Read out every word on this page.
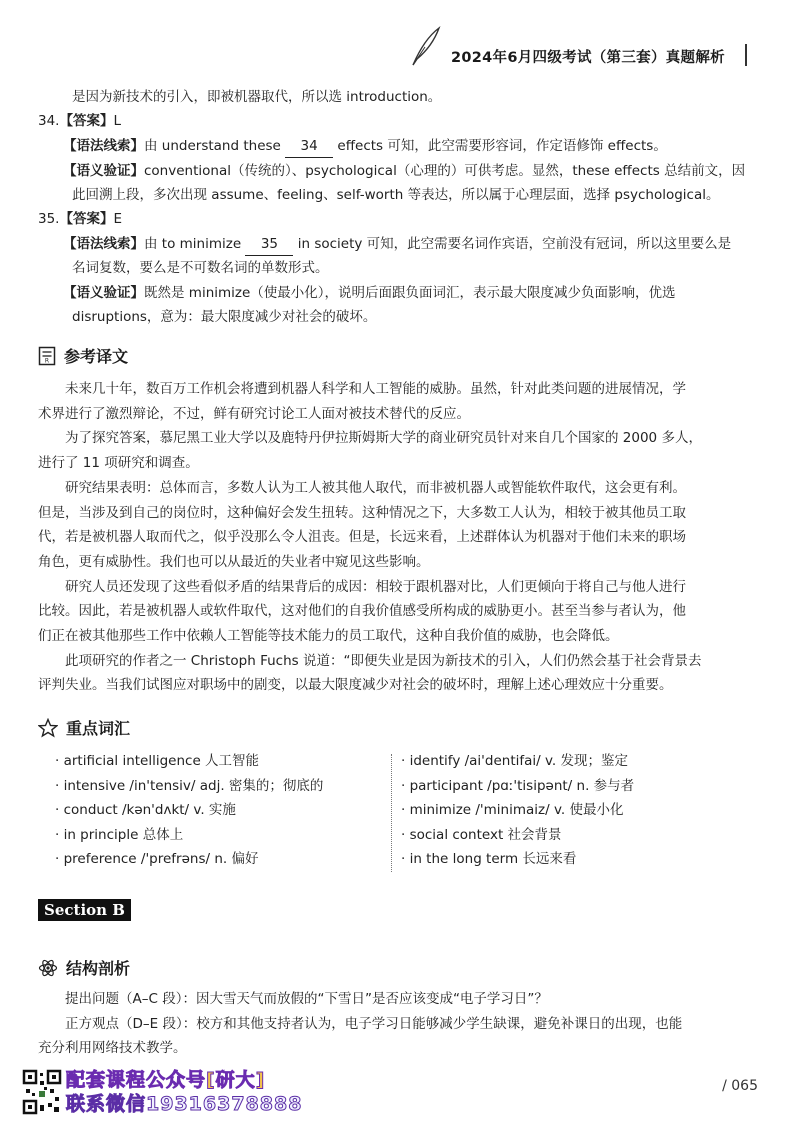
2024年6月四级考试（第三套）真题解析
是因为新技术的引入，即被机器取代，所以选 introduction。
34.【答案】L
【语法线索】由 understand these 34 effects 可知，此空需要形容词，作定语修饰 effects。
【语义验证】conventional（传统的）、psychological（心理的）可供考虑。显然，these effects 总结前文，因
此回溯上段，多次出现 assume、feeling、self-worth 等表达，所以属于心理层面，选择 psychological。
35.【答案】E
【语法线索】由 to minimize 35 in society 可知，此空需要名词作宾语，空前没有冠词，所以这里要么是
名词复数，要么是不可数名词的单数形式。
【语义验证】既然是 minimize（使最小化），说明后面跟负面词汇，表示最大限度减少负面影响，优选
disruptions，意为：最大限度减少对社会的破坏。
R 参考译文
　　未来几十年，数百万工作机会将遭到机器人科学和人工智能的威胁。虽然，针对此类问题的进展情况，学
术界进行了激烈辩论，不过，鲜有研究讨论工人面对被技术替代的反应。
　　为了探究答案，慕尼黑工业大学以及鹿特丹伊拉斯姆斯大学的商业研究员针对来自几个国家的 2000 多人，
进行了 11 项研究和调查。
　　研究结果表明：总体而言，多数人认为工人被其他人取代，而非被机器人或智能软件取代，这会更有利。
但是，当涉及到自己的岗位时，这种偏好会发生扭转。这种情况之下，大多数工人认为，相较于被其他员工取
代，若是被机器人取而代之，似乎没那么令人沮丧。但是，长远来看，上述群体认为机器对于他们未来的职场
角色，更有威胁性。我们也可以从最近的失业者中窥见这些影响。
　　研究人员还发现了这些看似矛盾的结果背后的成因：相较于跟机器对比，人们更倾向于将自己与他人进行
比较。因此，若是被机器人或软件取代，这对他们的自我价值感受所构成的威胁更小。甚至当参与者认为，他
们正在被其他那些工作中依赖人工智能等技术能力的员工取代，这种自我价值的威胁，也会降低。
　　此项研究的作者之一 Christoph Fuchs 说道：“即便失业是因为新技术的引入，人们仍然会基于社会背景去
评判失业。当我们试图应对职场中的剧变，以最大限度减少对社会的破坏时，理解上述心理效应十分重要。
重点词汇
· artificial intelligence 人工智能
· intensive /in'tensiv/ adj. 密集的；彻底的
· conduct /kən'dʌkt/ v. 实施
· in principle 总体上
· preference /'prefrəns/ n. 偏好
· identify /ai'dentifai/ v. 发现；鉴定
· participant /pɑː'tisipənt/ n. 参与者
· minimize /'minimaiz/ v. 使最小化
· social context 社会背景
· in the long term 长远来看
Section B
结构剖析
　　提出问题（A–C 段）：因大雪天气而放假的“下雪日”是否应该变成“电子学习日”？
　　正方观点（D–E 段）：校方和其他支持者认为，电子学习日能够减少学生缺课，避免补课日的出现，也能
充分利用网络技术教学。
配套课程公众号[研大]
联系微信19316378888
/ 065
